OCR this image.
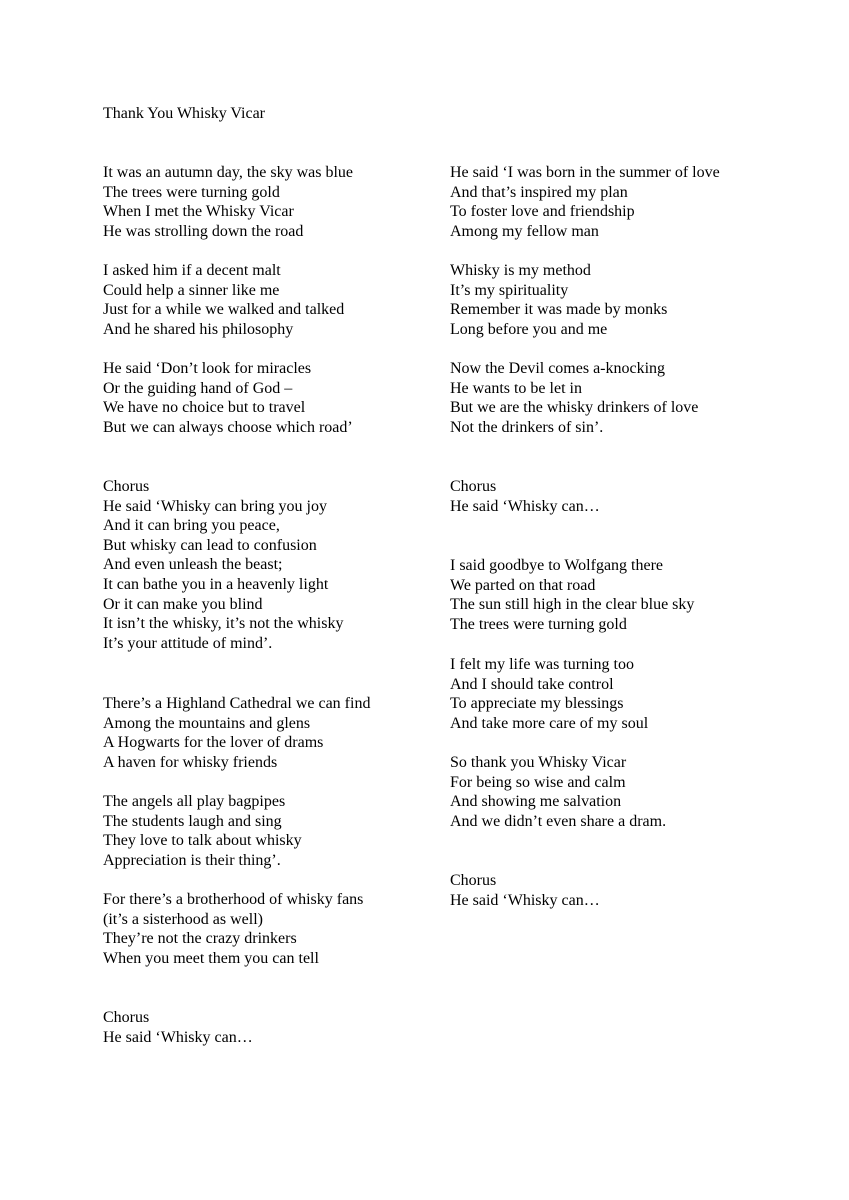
Thank You Whisky Vicar
It was an autumn day, the sky was blue
The trees were turning gold
When I met the Whisky Vicar
He was strolling down the road
I asked him if a decent malt
Could help a sinner like me
Just for a while we walked and talked
And he shared his philosophy
He said ‘Don’t look for miracles
Or the guiding hand of God –
We have no choice but to travel
But we can always choose which road’
Chorus
He said ‘Whisky can bring you joy
And it can bring you peace,
But whisky can lead to confusion
And even unleash the beast;
It can bathe you in a heavenly light
Or it can make you blind
It isn’t the whisky, it’s not the whisky
It’s your attitude of mind’.
There’s a Highland Cathedral we can find
Among the mountains and glens
A Hogwarts for the lover of drams
A haven for whisky friends
The angels all play bagpipes
The students laugh and sing
They love to talk about whisky
Appreciation is their thing’.
For there’s a brotherhood of whisky fans
(it’s a sisterhood as well)
They’re not the crazy drinkers
When you meet them you can tell
Chorus
He said ‘Whisky can…
He said ‘I was born in the summer of love
And that’s inspired my plan
To foster love and friendship
Among my fellow man
Whisky is my method
It’s my spirituality
Remember it was made by monks
Long before you and me
Now the Devil comes a-knocking
He wants to be let in
But we are the whisky drinkers of love
Not the drinkers of sin’.
Chorus
He said ‘Whisky can…
I said goodbye to Wolfgang there
We parted on that road
The sun still high in the clear blue sky
The trees were turning gold
I felt my life was turning too
And I should take control
To appreciate my blessings
And take more care of my soul
So thank you Whisky Vicar
For being so wise and calm
And showing me salvation
And we didn’t even share a dram.
Chorus
He said ‘Whisky can…
